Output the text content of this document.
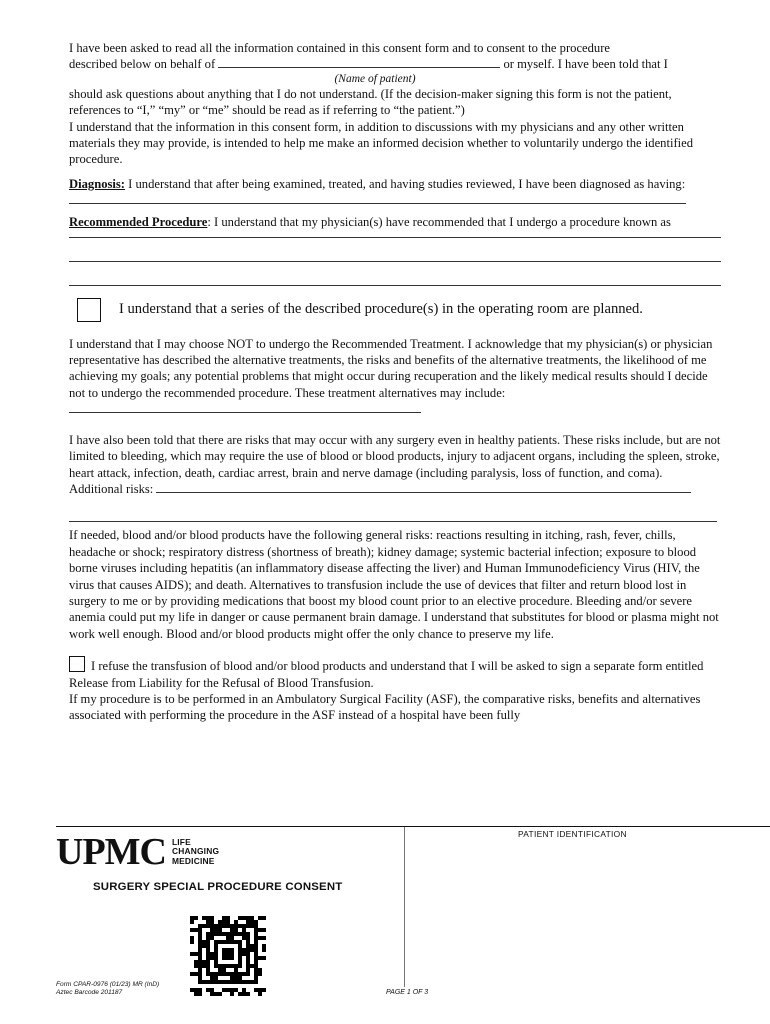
I have been asked to read all the information contained in this consent form and to consent to the procedure
described below on behalf of	or myself. I have been told that I

(Name of patient)

should ask questions about anything that I do not understand. (If the decision-maker signing this form is not the patient, references to “I,” “my” or “me” should be read as if referring to “the patient.”)

I understand that the information in this consent form, in addition to discussions with my physicians and any other written materials they may provide, is intended to help me make an informed decision whether to voluntarily undergo the identified procedure.

Diagnosis: I understand that after being examined, treated, and having studies reviewed, I have been diagnosed as having:

Recommended Procedure: I understand that my physician(s) have recommended that I undergo a procedure known as

I understand that a series of the described procedure(s) in the operating room are planned.

I understand that I may choose NOT to undergo the Recommended Treatment. I acknowledge that my physician(s) or physician representative has described the alternative treatments, the risks and benefits of the alternative treatments, the likelihood of me achieving my goals; any potential problems that might occur during recuperation and the likely medical results should I decide not to undergo the recommended procedure. These treatment alternatives may include:

I have also been told that there are risks that may occur with any surgery even in healthy patients. These risks include, but are not limited to bleeding, which may require the use of blood or blood products, injury to adjacent organs, including the spleen, stroke, heart attack, infection, death, cardiac arrest, brain and nerve damage (including paralysis, loss of function, and coma).
Additional risks:

If needed, blood and/or blood products have the following general risks: reactions resulting in itching, rash, fever, chills, headache or shock; respiratory distress (shortness of breath); kidney damage; systemic bacterial infection; exposure to blood borne viruses including hepatitis (an inflammatory disease affecting the liver) and Human Immunodeficiency Virus (HIV, the virus that causes AIDS); and death. Alternatives to transfusion include the use of devices that filter and return blood lost in surgery to me or by providing medications that boost my blood count prior to an elective procedure. Bleeding and/or severe anemia could put my life in danger or cause permanent brain damage. I understand that substitutes for blood or plasma might not work well enough. Blood and/or blood products might offer the only chance to preserve my life.

I refuse the transfusion of blood and/or blood products and understand that I will be asked to sign a separate form entitled Release from Liability for the Refusal of Blood Transfusion.

If my procedure is to be performed in an Ambulatory Surgical Facility (ASF), the comparative risks, benefits and alternatives associated with performing the procedure in the ASF instead of a hospital have been fully

UPMC LIFE
CHANGING
MEDICINE
SURGERY SPECIAL PROCEDURE CONSENT
PATIENT IDENTIFICATION
Form CPAR-0976 (01/23) MR (InD)
Aztec Barcode 201187	PAGE 1 OF 3
